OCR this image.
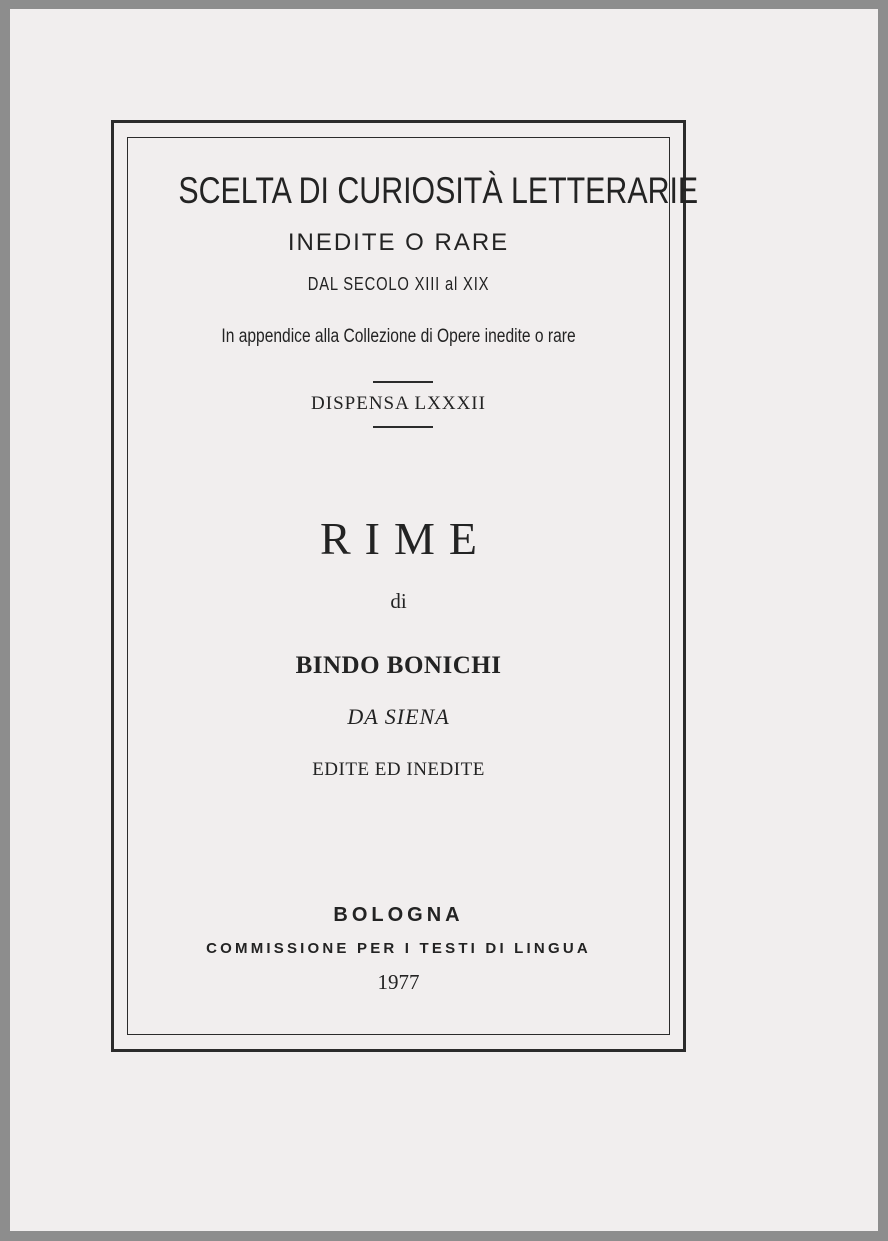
SCELTA DI CURIOSITÀ LETTERARIE
INEDITE O RARE
DAL SECOLO XIII al XIX
In appendice alla Collezione di Opere inedite o rare
DISPENSA LXXXII
RIME
di
BINDO BONICHI
DA SIENA
EDITE ED INEDITE
BOLOGNA
COMMISSIONE PER I TESTI DI LINGUA
1977
